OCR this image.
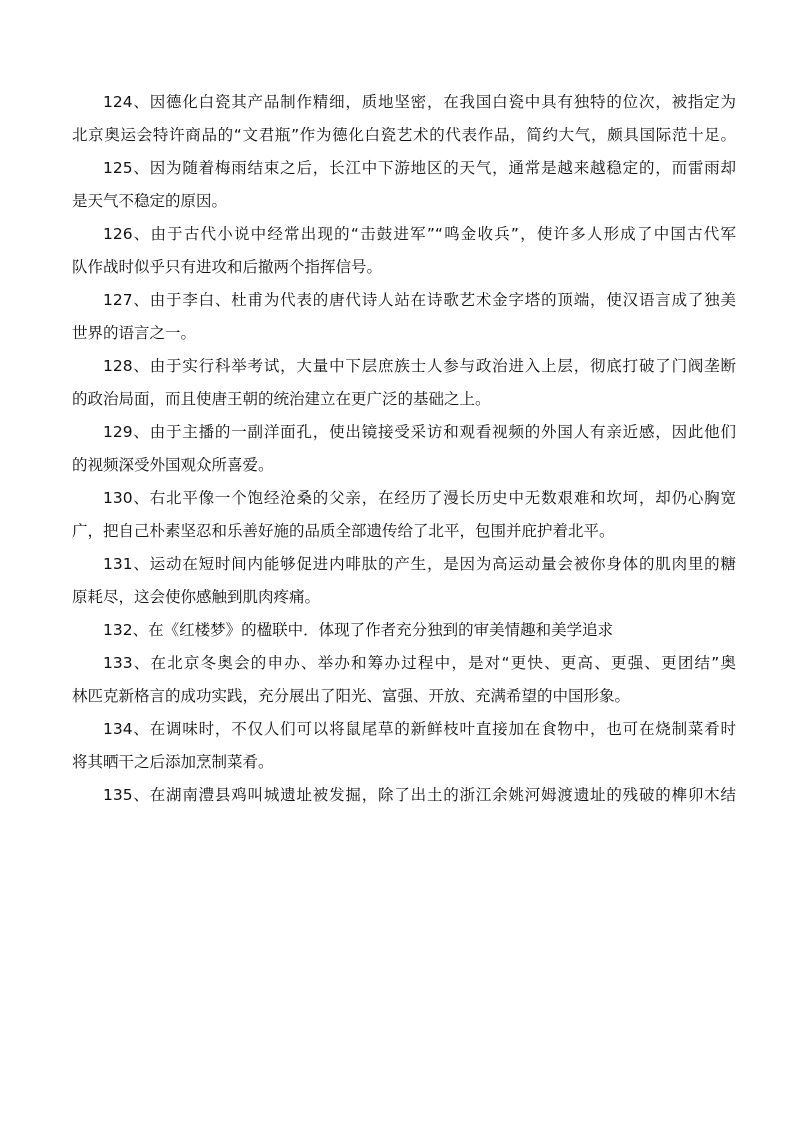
124、因德化白瓷其产品制作精细，质地坚密，在我国白瓷中具有独特的位次，被指定为
北京奥运会特许商品的“文君瓶”作为德化白瓷艺术的代表作品，简约大气，颇具国际范十足。
125、因为随着梅雨结束之后，长江中下游地区的天气，通常是越来越稳定的，而雷雨却
是天气不稳定的原因。
126、由于古代小说中经常出现的“击鼓进军”“鸣金收兵”，使许多人形成了中国古代军
队作战时似乎只有进攻和后撤两个指挥信号。
127、由于李白、杜甫为代表的唐代诗人站在诗歌艺术金字塔的顶端，使汉语言成了独美
世界的语言之一。
128、由于实行科举考试，大量中下层庶族士人参与政治进入上层，彻底打破了门阀垄断
的政治局面，而且使唐王朝的统治建立在更广泛的基础之上。
129、由于主播的一副洋面孔，使出镜接受采访和观看视频的外国人有亲近感，因此他们
的视频深受外国观众所喜爱。
130、右北平像一个饱经沧桑的父亲，在经历了漫长历史中无数艰难和坎坷，却仍心胸宽
广，把自己朴素坚忍和乐善好施的品质全部遗传给了北平，包围并庇护着北平。
131、运动在短时间内能够促进内啡肽的产生，是因为高运动量会被你身体的肌肉里的糖
原耗尽，这会使你感触到肌肉疼痛。
132、在《红楼梦》的楹联中．体现了作者充分独到的审美情趣和美学追求
133、在北京冬奥会的申办、举办和筹办过程中，是对“更快、更高、更强、更团结”奥
林匹克新格言的成功实践，充分展出了阳光、富强、开放、充满希望的中国形象。
134、在调味时，不仅人们可以将鼠尾草的新鲜枝叶直接加在食物中，也可在烧制菜肴时
将其晒干之后添加烹制菜肴。
135、在湖南澧县鸡叫城遗址被发掘，除了出土的浙江余姚河姆渡遗址的残破的榫卯木结
